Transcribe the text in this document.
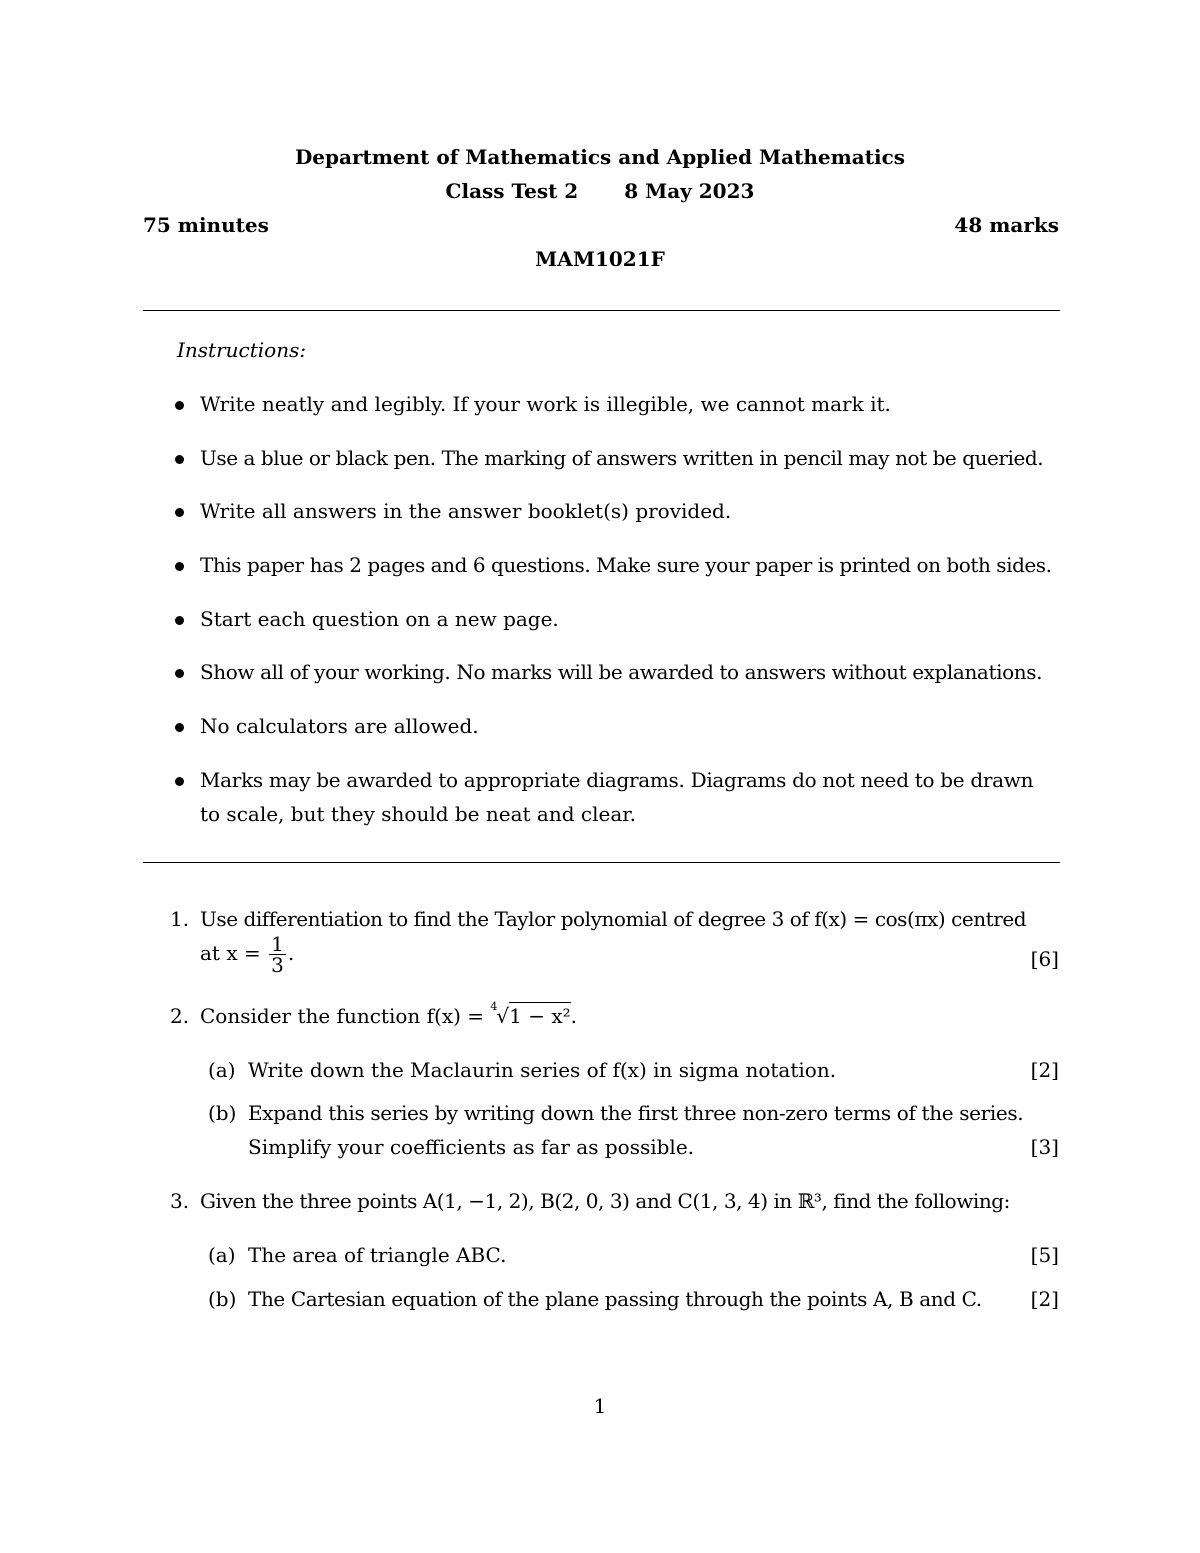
Department of Mathematics and Applied Mathematics
Class Test 2 8 May 2023
75 minutes	48 marks
MAM1021F
Instructions:
Write neatly and legibly. If your work is illegible, we cannot mark it.
Use a blue or black pen. The marking of answers written in pencil may not be queried.
Write all answers in the answer booklet(s) provided.
This paper has 2 pages and 6 questions. Make sure your paper is printed on both sides.
Start each question on a new page.
Show all of your working. No marks will be awarded to answers without explanations.
No calculators are allowed.
Marks may be awarded to appropriate diagrams. Diagrams do not need to be drawn
to scale, but they should be neat and clear.
1. Use differentiation to find the Taylor polynomial of degree 3 of f(x) = cos(πx) centred
at $x = \frac{1}{3}$ .	[6]
2. Consider the function f(x) = 4 √1 − x².
(a) Write down the Maclaurin series of f(x) in sigma notation.	[2]
(b) Expand this series by writing down the first three non-zero terms of the series.
Simplify your coefficients as far as possible.	[3]
3. Given the three points A(1, −1, 2), B(2, 0, 3) and C(1, 3, 4) in ℝ³, find the following:
(a) The area of triangle ABC.	[5]
(b) The Cartesian equation of the plane passing through the points A, B and C. [2]
1
